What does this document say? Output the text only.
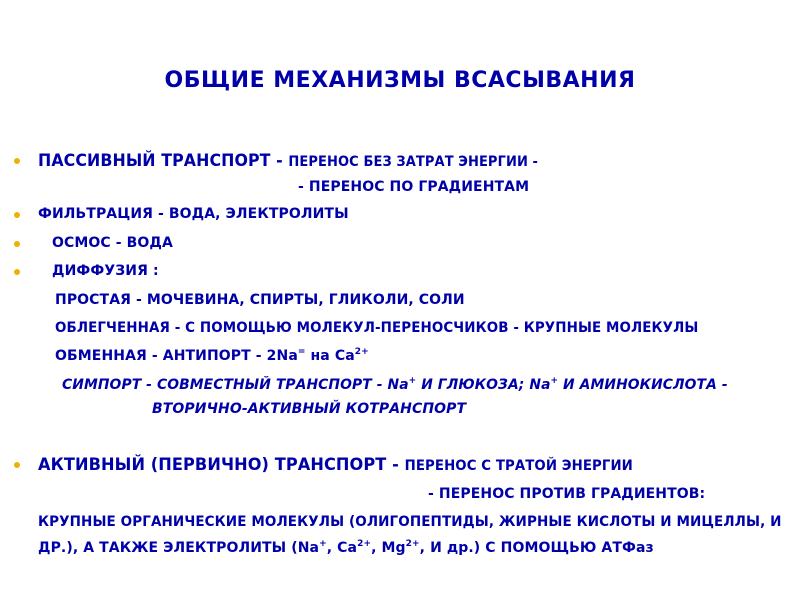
ОБЩИЕ МЕХАНИЗМЫ ВСАСЫВАНИЯ
ПАССИВНЫЙ ТРАНСПОРТ - ПЕРЕНОС БЕЗ ЗАТРАТ ЭНЕРГИИ -
- ПЕРЕНОС ПО ГРАДИЕНТАМ
ФИЛЬТРАЦИЯ - ВОДА, ЭЛЕКТРОЛИТЫ
ОСМОС - ВОДА
ДИФФУЗИЯ :
ПРОСТАЯ - МОЧЕВИНА, СПИРТЫ, ГЛИКОЛИ, СОЛИ
ОБЛЕГЧЕННАЯ - С ПОМОЩЬЮ МОЛЕКУЛ-ПЕРЕНОСЧИКОВ - КРУПНЫЕ МОЛЕКУЛЫ
ОБМЕННАЯ - АНТИПОРТ - 2Na= на $Ca^{2+}$
СИМПОРТ - СОВМЕСТНЫЙ ТРАНСПОРТ - Na+ И ГЛЮКОЗА; Na+ И АМИНОКИСЛОТА -
ВТОРИЧНО-АКТИВНЫЙ КОТРАНСПОРТ
АКТИВНЫЙ (ПЕРВИЧНО) ТРАНСПОРТ - ПЕРЕНОС С ТРАТОЙ ЭНЕРГИИ
- ПЕРЕНОС ПРОТИВ ГРАДИЕНТОВ:
КРУПНЫЕ ОРГАНИЧЕСКИЕ МОЛЕКУЛЫ (ОЛИГОПЕПТИДЫ, ЖИРНЫЕ КИСЛОТЫ И МИЦЕЛЛЫ, И
ДР.), А ТАКЖЕ ЭЛЕКТРОЛИТЫ (Na+, $Ca^{2+}$, $Mg^{2+}$, И др.) С ПОМОЩЬЮ АТФаз
